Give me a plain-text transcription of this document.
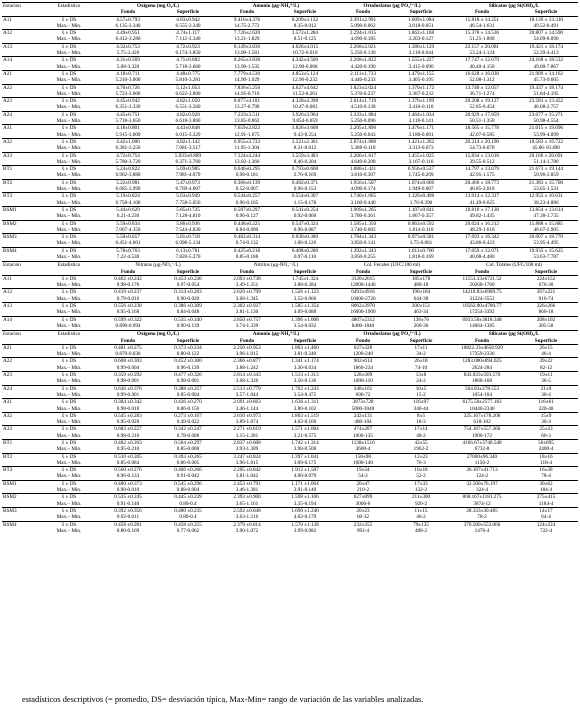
Estacion	Estadistico	Oxigeno (mg O₂/L)		Amonio (μg-NH₄⁺/L)		Ortofosfatos (μg PO₄³⁻/L)		Silicatos (μg Si(OH)₄/L	
		Fondo	Superficie	Fondo	Superficie	Fondo	Superficie	Fondo	Superficie
A11	x̄ ± DS	4.57±0.793	4.83±0.942	9.416±4.376	8.209±3.132	2.391±2.991	1.609±1.084	15.818 ± 14.251	18.139 ± 13.310
	Max.– Min.	6.135-3.340	6.555-3.340	14.75-2.772	8.35-0.012	5.090-0.062	3.018-0.051	46.54-1.631	49.52-8.491
A12	x̄ ± DS	4.49±0.951	4.74±1.117	7.726±2.620	3.572±1.284	2.294±1.015	1.862±1.168	15.378 ± 14.536	20.807 ± 14.590
	Max.– Min.	6.412-3.280	7.112-3.340	13.21-1.829	8.51-0.125	4.690-0.185	3.203-0.127	51.25-1.808	54.09-8.890
A13	x̄ ± DS	4.32±0.753	4.72±0.923	8.149±3.836	4.026±4.015	2.268±2.021	1.380±1.129	22.157 ± 20.081	19.421 ± 18.174
	Max.– Min.	5.75-3.420	6.174-3.850	13.90-1.581	10.72-0.018	5.250-0.130	3.118-0.044	53.24-1.124	52.39-4.413
A14	x̄ ± DS	4.31±0.569	4.71±0.682	8.265±3.838	4.342±4.509	2.268±1.822	1.555±1.227	17.747 ± 12.679	24.168 ± 18.532
	Max.– Min.	5.08-3.320	5.718-3.660	13.90-1.535	12.90-0.068	4.420-0.190	3.415-0.096	40.40-4.158	49.00-7.867
A21	x̄ ± DS	4.18±0.711	4.48±0.775	7.779±4.530	4.853±5.124	2.111±1.733	1.479±1.155	16.628 ± 16.038	21.909 ± 14.162
	Max.– Min.	5.210-3.000	5.810-3.281	14.90-1.029	12.96-0.232	4.440-0.233	3.405-0.195	52.08-1.312	45.73-9.605
A22	x̄ ± DS	4.70±0.726	5.12±1.053	7.836±5.256	4.627±4.642	1.823±2.024	1.370±1.172	13.740 ± 12.057	19.437 ± 18.174
	Max.– Min.	5.723-3.600	6.622-3.800	14.95-0.710	11.52-0.261	5.370-0.237	3.367-0.232	36.71-1.274	51.84-4.195
A23	x̄ ± DS	4.45±0.942	4.82±1.050	8.077±4.181	4.328±4.398	2.014±1.719	1.376±1.199	20.208 ± 19.127	23.581 ± 13.452
	Max.– Min.	6.351-3.330	6.551-3.560	13.27-0.798	10.47-0.083	4.510-0.138	3.416-0.110	52.85-0.454	46.68-2.757
A24	x̄ ± DS	4.45±0.751	4.82±0.928	7.233±3.511	3.926±3.964	2.333±1.884	1.464±1.034	20.929 ± 17.859	23.077 ± 15.271
	Max.– Min.	5.718-3.650	6.618-3.860	13.85-0.862	9.854-0.059	5.250-0.096	3.118-0.141	50.51-1.358	50.98-4.554
A31	x̄ ± DS	4.18±0.801	4.43±0.848	7.659±2.822	3.826±3.608	2.205±1.896	1.476±1.171	18.565 ± 15.778	21.015 ± 19.696
	Max.– Min.	5.915-3.000	6.015-3.329	12.91-1.675	9.43-0.254	5.250-0.043	3.180-0.001	42.07-0.585	53.99-4.899
A32	x̄ ± DS	4.42±1.000	4.82±1.142	6.955±3.733	3.521±2.361	2.074±1.800	1.421±1.262	20.214 ± 20.190	18.583 ± 16.722
	Max.– Min.	6.381-3.250	7.081-3.517	11.95-1.304	8.31-0.012	5.380-0.110	3.313-0.073	54.73-0.678	45.06-10.490
A33	x̄ ± DS	4.72±0.754	5.033±0.889	7.124±4.244	3.559±3.483	2.206±1.817	1.455±1.025	15.834 ± 13.616	20.166 ± 20.691
	Max.– Min.	5.780-3.720	6.371-3.760	13.02-1.366	8.46-0.204	4.640-0.208	3.167-0.116	39.55-0.512	51.14-1.780
BT1	x̄ ± DS	5.24±0.822	5.69±0.985	0.646±0.295	0.793±0.668	1.888±1.431	0.956±0.537	14.797 ± 13.079	21.673 ± 19.144
	Max.– Min.	6.962-3.880	7.981-4.079	0.98-0.181	2.76-0.169	3.810-0.307	1.745-0.209	42.95-1.575	50.96-2.859
BT2	x̄ ± DS	5.22±0.981	5.47±0.973	0.366±0.139	0.482±0.371	1.956±1.507	1.074±0.666	20.466 ± 18.773	21.383 ± 15.700
	Max.– Min.	6.685-3.990	6.769-4.007	0.52-0.007	0.96-0.153	4.090-0.174	1.949-0.007	46.85-2.018	53.65-1.531
BT3	x̄ ± DS	5.19±0.824	5.63±0.949	0.544±0.257	0.554±0.307	1.740±1.065	1.126±0.498	13.914 ± 12.317	12.955 ± 10.631
	Max.– Min.	6.758-4.100	7.758-5.056	0.96-0.165	1.15-0.178	3.160-0.440	1.76-0.390	41.49-0.625	38.23-4.886
BSM1	x̄ ± DS	5.44±0.629	5.85±0.725	0.587±0.297	0.541±0.254	1.909±1.265	1.107±0.641	18.810 ± 17.138	13.854 ± 13.614
	Max.– Min.	6.21-4.230	7.128-4.810	0.96-0.127	0.92-0.060	3.780-0.361	1.867-0.357	49.82-1.435	47.38-3.735
BSM2	x̄ ± DS	5.59±0.834	5.86±0.936	0.448±0.225	0.547±0.324	1.585±1.350	0.863±0.592	20.024 ± 16.212	15.888 ± 15.885
	Max.– Min.	7.007-4.350	7.544-4.830	0.84-0.090	0.96-0.087	3.740-0.682	1.814-0.110	48.29-1.618	48.67-2.905
BSM3	x̄ ± DS	5.50±0.657	5.81±0.718	0.482±0.314	0.630±0.380	1.784±1.343	0.973±0.581	17.693 ± 16.342	20.007 ± 18.770
	Max.– Min.	6.451-4.601	6.998-5.134	0.74-0.132	1.06-0.126	3.850-0.141	1.75-0.061	43.86-0.423	53.95-4.495
BSM4	x̄ ± DS	5.78±0.763	6.13±0.781	0.425±0.218	0.408±0.280	1.392±1.343	1.011±0.700	17.059 ± 12.071	19.935 ± 15.625
	Max.– Min.	7.22-4.530	7.820-5.270	0.85-0.188	0.97-0.110	3.850-0.255	1.818-0.169	40.08-4.480	53.63-7.787
Estacion	Estadistico	Nitratos (μg-NO₃⁻/L)		Nitritos (μg-NO₂⁻/L)		Col. Fecales (UFC/100 ml)		Col. Totales (UFC/100 ml)	
		Fondo	Superficie	Fondo	Superficie	Fondo	Superficie	Fondo	Superficie
A11	x̄ ± DS	0.462 ±0.242	0.453 ±0.236	2.693 ±0.738	1.745±1.324	3120±2015	185±178	11553.33±6721.52	224±152
	Max.– Min.	0.98-0.176	0.97-0.054	3.49-1.251	3.88-0.284	12000-1440	480-18	20268-1760	676-30
A12	x̄ ± DS	0.419 ±0.237	0.314 ±0.203	2.620 ±0.799	1.526 ±1.123	6493±4916	190±184	14218.83±6909.75	267±221
	Max.– Min.	0.79-0.010	0.90-0.020	3.68-1.345	3.52-0.066	16000-2720	644-30	31224-3552	916-74
A13	x̄ ± DS	0.556 ±0.238	0.386 ±0.309	2.302 ±0.927	1.585 ±1.354	8062±3970	200±151	10562.00±4780.77	326±266
	Max.– Min.	0.95-0.168	0.84-0.048	3.81-1.130	4.09-0.088	16000-1900	463-34	17254-3392	866-18
A14	x̄ ± DS	0.599 ±0.322	0.535 ±0.340	2.850 ±0.757	1.396 ±1.008	4807±2312	138±76	6933.50±3818.348	208±102
	Max.– Min.	0.890-0.094	0.90-0.139	3.74-1.339	3.54-0.032	8400-1840	200-30	14664-1385	385-58
Estacion	Estadistico	Oxigeno (mg O₂/L)		Amonio (μg-NH₄⁺/L)		Ortofosfatos (μg PO₄³⁻/L)		Silicatos (μg Si(OH)₄/L	
		Fondo	Superficie	Fondo	Superficie	Fondo	Superficie	Fondo	Superficie
A21	x̄ ± DS	0.481 ±0.275	0.373 ±0.234	2.250 ±0.953	1.863 ±1.460	637±328	17±11	10822.33±4658.929	26±15
	Max.– Min.	0.870-0.030	0.80-0.122	3.96-1.015	3.81-0.240	1200-240	34-2	17359-2336	46-4
A22	x̄ ± DS	0.608 ±0.303	0.452 ±0.300	2.366 ±0.877	1.341 ±1.174	902±614	26±18	1283.000±894.025	39±22
	Max.– Min.	0.99-0.004	0.96-0.139	3.88-1.242	3.30-0.034	1860-234	74-10	2624-284	82-12
A23	x̄ ± DS	0.359 ±0.292	0.477 ±0.326	2.814 ±0.343	1.513 ±1.313	528±309	13±8	843.833±593.570	19±11
	Max.– Min.	0.98-0.001	0.98-0.001	3.68-1.326	3.56-0.136	1000-110	24-2	1868-168	36-5
A24	x̄ ± DS	0.630 ±0.376	0.388 ±0.257	2.513 ±0.779	1.702 ±1.243	348±161	10±5	504.83±278.553	21±9
	Max.– Min.	0.99-0.001	0.85-0.004	3.57-1.044	3.54-0.475	600-72	15-2	1054-104	30-4
A31	x̄ ± DS	0.384 ±0.342	0.436 ±0.270	2.691 ±0.663	1.636 ±1.311	3873±728	116±97	6175.50±2577.183	116±61
	Max.– Min.	0.98-0.010	0.86-0.156	3.46-1.144	3.80-0.102	5000-3040	340-44	10440-2340	220-40
A32	x̄ ± DS	0.545 ±0.283	0.273 ±0.167	2.610 ±0.973	1.803 ±1.519	242±131	8±5	325.167±178.200	15±9
	Max.– Min.	0.95-0.020	0.49-0.022	3.89-1.074	4.02-0.160	480-104	18-3	618-102	30-4
A33	x̄ ± DS	0.683 ±0.227	0.342 ±0.247	2.271 ±0.619	1.571 ±1.004	474±287	17±14	754.167±557.360	25±23
	Max.– Min.	0.98-0.210	0.78-0.008	3.15-1.281	3.21-0.575	1000-135	48-2	1900-172	66-3
BT1	x̄ ± DS	0.482 ±0.263	0.564 ±0.297	2.837 ±0.608	1.742 ±1.314	1138±1516	42±55	4166.67±3740.548	56±895
	Max.– Min.	0.95-0.210	0.85-0.000	3.93-1.309	3.98-0.508	3600-4	1962-2	6732-8	2400-4
BT2	x̄ ± DS	0.510 ±0.205	0.393 ±0.265	3.247 ±0.824	1.397 ±1.041	158±98	12±23	27000±96.340	18±16
	Max.– Min.	0.85-0.084	0.86-0.005	3.96-1.815	3.09-0.175	1000-140	76-3	1156-2	118-4
BT3	x̄ ± DS	0.560 ±0.276	0.406 ±0.266	2.205 ±0.842	1.912 ±1.587	19±34	10±18	26.167±41.713	16±28
	Max.– Min.	0.96-0.133	0.91-0.042	3.81-1.042	4.00-0.079	54-2	52-2	124-2	78-4
BSM1	x̄ ± DS	0.480 ±0.373	0.545 ±0.296	2.453 ±0.791	1.171 ±1.064	20±47	17±33	32.500±76.197	30±62
	Max.– Min.	0.98-0.010	0.88-0.004	3.46-1.381	3.91-0.140	210-2	132-2	324-4	184-4
BSM2	x̄ ± DS	0.535 ±0.245	0.445 ±0.239	2.393 ±0.900	1.598 ±1.166	627±899	211±300	868.167±1181.275	275±415
	Max.– Min.	0.91-0.140	0.80-0.4	3.65-1.161	3.35-0.194	3000-6	926-2	3874-12	1184-4
BSM3	x̄ ± DS	0.392 ±0.356	0.480 ±0.235	2.592 ±0.848	1.690 ±1.240	20±23	11±15	28.333±30.485	14±17
	Max.– Min.	0.92-0.011	0.80-0.4	3.63-1.216	4.02-0.179	60-32	46-2	78-2	64-4
BSM4	x̄ ± DS	0.458 ±0.281	0.458 ±0.255	2.379 ±0.814	1.570 ±1.138	232±355	79±135	370.500±553.066	124±224
	Max.– Min.	0.80-0.169	0.77-0.062	3.90-1.072	3.99-0.082	992-4	408-2	1476-4	722-4
estadísticos descriptivos (= promedio, DS= desviación típica, Max-Min= rango de variación de las variables analizadas.
